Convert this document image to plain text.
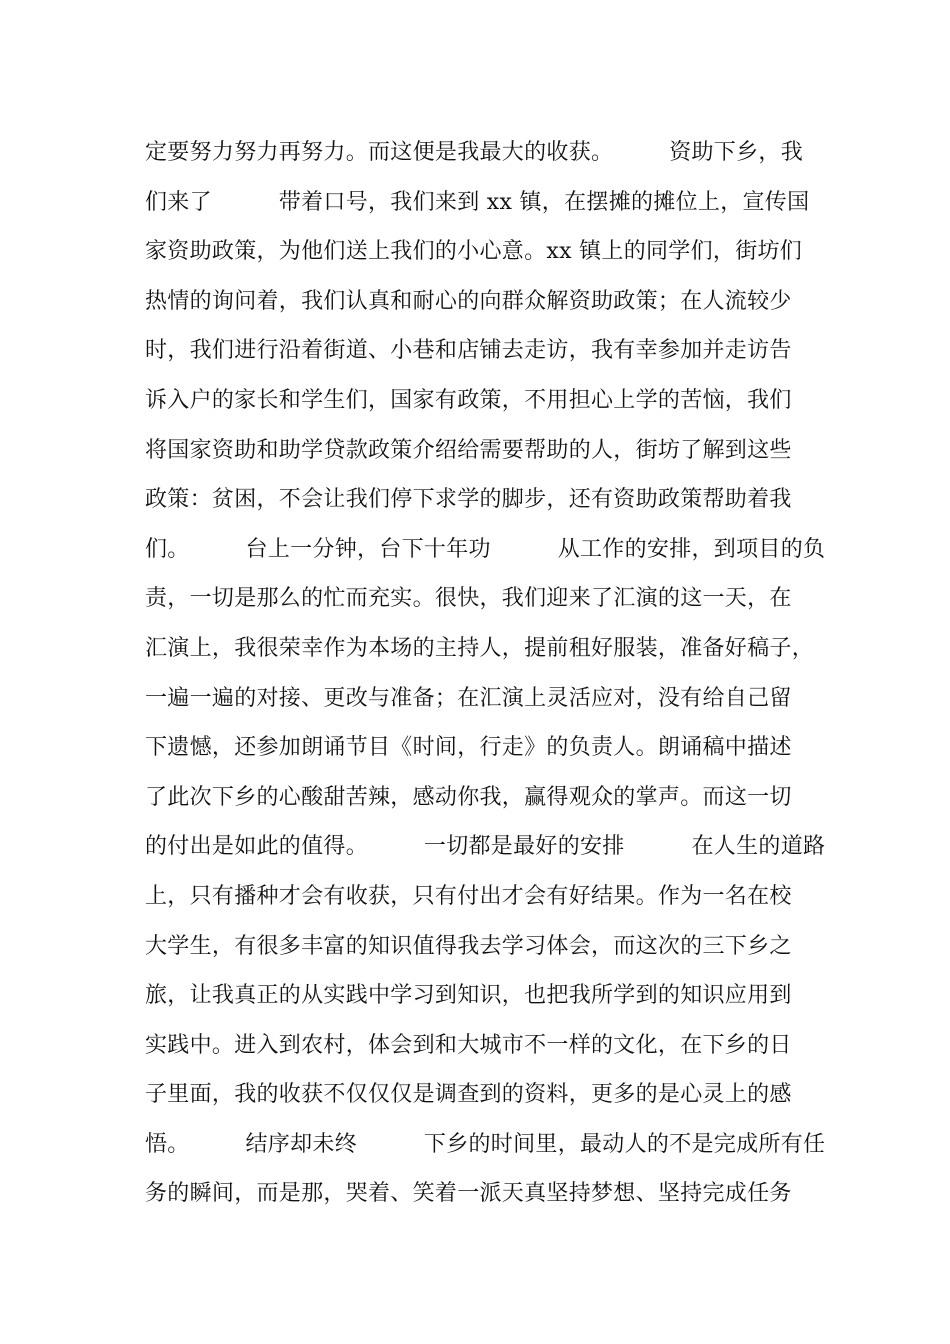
定要努力努力再努力。而这便是我最大的收获。　　　资助下乡，我
们来了　　　带着口号，我们来到 xx 镇，在摆摊的摊位上，宣传国
家资助政策，为他们送上我们的小心意。xx 镇上的同学们，街坊们
热情的询问着，我们认真和耐心的向群众解资助政策；在人流较少
时，我们进行沿着街道、小巷和店铺去走访，我有幸参加并走访告
诉入户的家长和学生们，国家有政策，不用担心上学的苦恼，我们
将国家资助和助学贷款政策介绍给需要帮助的人，街坊了解到这些
政策：贫困，不会让我们停下求学的脚步，还有资助政策帮助着我
们。　　　台上一分钟，台下十年功　　　从工作的安排，到项目的负
责，一切是那么的忙而充实。很快，我们迎来了汇演的这一天，在
汇演上，我很荣幸作为本场的主持人，提前租好服装，准备好稿子，
一遍一遍的对接、更改与准备；在汇演上灵活应对，没有给自己留
下遗憾，还参加朗诵节目《时间，行走》的负责人。朗诵稿中描述
了此次下乡的心酸甜苦辣，感动你我，赢得观众的掌声。而这一切
的付出是如此的值得。　　　一切都是最好的安排　　　在人生的道路
上，只有播种才会有收获，只有付出才会有好结果。作为一名在校
大学生，有很多丰富的知识值得我去学习体会，而这次的三下乡之
旅，让我真正的从实践中学习到知识，也把我所学到的知识应用到
实践中。进入到农村，体会到和大城市不一样的文化，在下乡的日
子里面，我的收获不仅仅仅是调查到的资料，更多的是心灵上的感
悟。　　　结序却未终　　　下乡的时间里，最动人的不是完成所有任
务的瞬间，而是那，哭着、笑着一派天真坚持梦想、坚持完成任务
